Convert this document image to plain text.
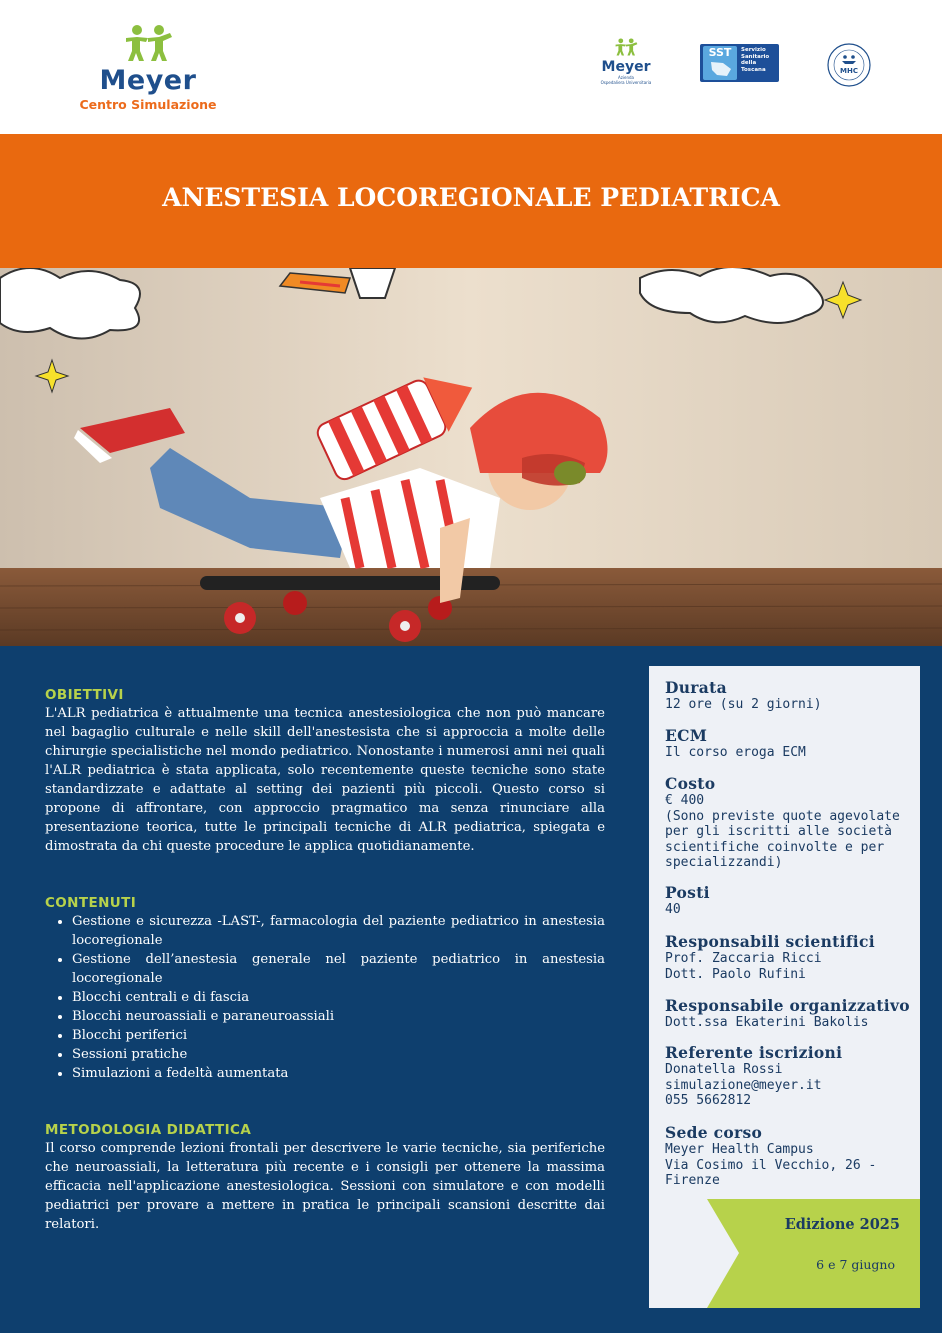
Meyer
Centro Simulazione
Meyer
Azienda
Ospedaliera Universitaria
SST	Servizio
Sanitario
della
Toscana	MHC
ANESTESIA LOCOREGIONALE PEDIATRICA
OBIETTIVI

L'ALR pediatrica è attualmente una tecnica anestesiologica che non può mancare nel bagaglio culturale e nelle skill dell'anestesista che si approccia a molte delle chirurgie specialistiche nel mondo pediatrico. Nonostante i numerosi anni nei quali l'ALR pediatrica è stata applicata, solo recentemente queste tecniche sono state standardizzate e adattate al setting dei pazienti più piccoli. Questo corso si propone di affrontare, con approccio pragmatico ma senza rinunciare alla presentazione teorica, tutte le principali tecniche di ALR pediatrica, spiegata e dimostrata da chi queste procedure le applica quotidianamente.

CONTENUTI
• Gestione e sicurezza -LAST-, farmacologia del paziente pediatrico in anestesia locoregionale
• Gestione dell’anestesia generale nel paziente pediatrico in anestesia locoregionale
• Blocchi centrali e di fascia
• Blocchi neuroassiali e paraneuroassiali
• Blocchi periferici
• Sessioni pratiche
• Simulazioni a fedeltà aumentata
METODOLOGIA DIDATTICA

Il corso comprende lezioni frontali per descrivere le varie tecniche, sia periferiche che neuroassiali, la letteratura più recente e i consigli per ottenere la massima efficacia nell'applicazione anestesiologica. Sessioni con simulatore e con modelli pediatrici per provare a mettere in pratica le principali scansioni descritte dai relatori.

Durata
12 ore (su 2 giorni)
ECM
Il corso eroga ECM
Costo
€ 400
(Sono previste quote agevolate
per gli iscritti alle società
scientifiche coinvolte e per
specializzandi)
Posti
40
Responsabili scientifici
Prof. Zaccaria Ricci
Dott. Paolo Rufini
Responsabile organizzativo
Dott.ssa Ekaterini Bakolis
Referente iscrizioni
Donatella Rossi
simulazione@meyer.it
055 5662812
Sede corso
Meyer Health Campus
Via Cosimo il Vecchio, 26 -
Firenze
Edizione 2025
6 e 7 giugno
